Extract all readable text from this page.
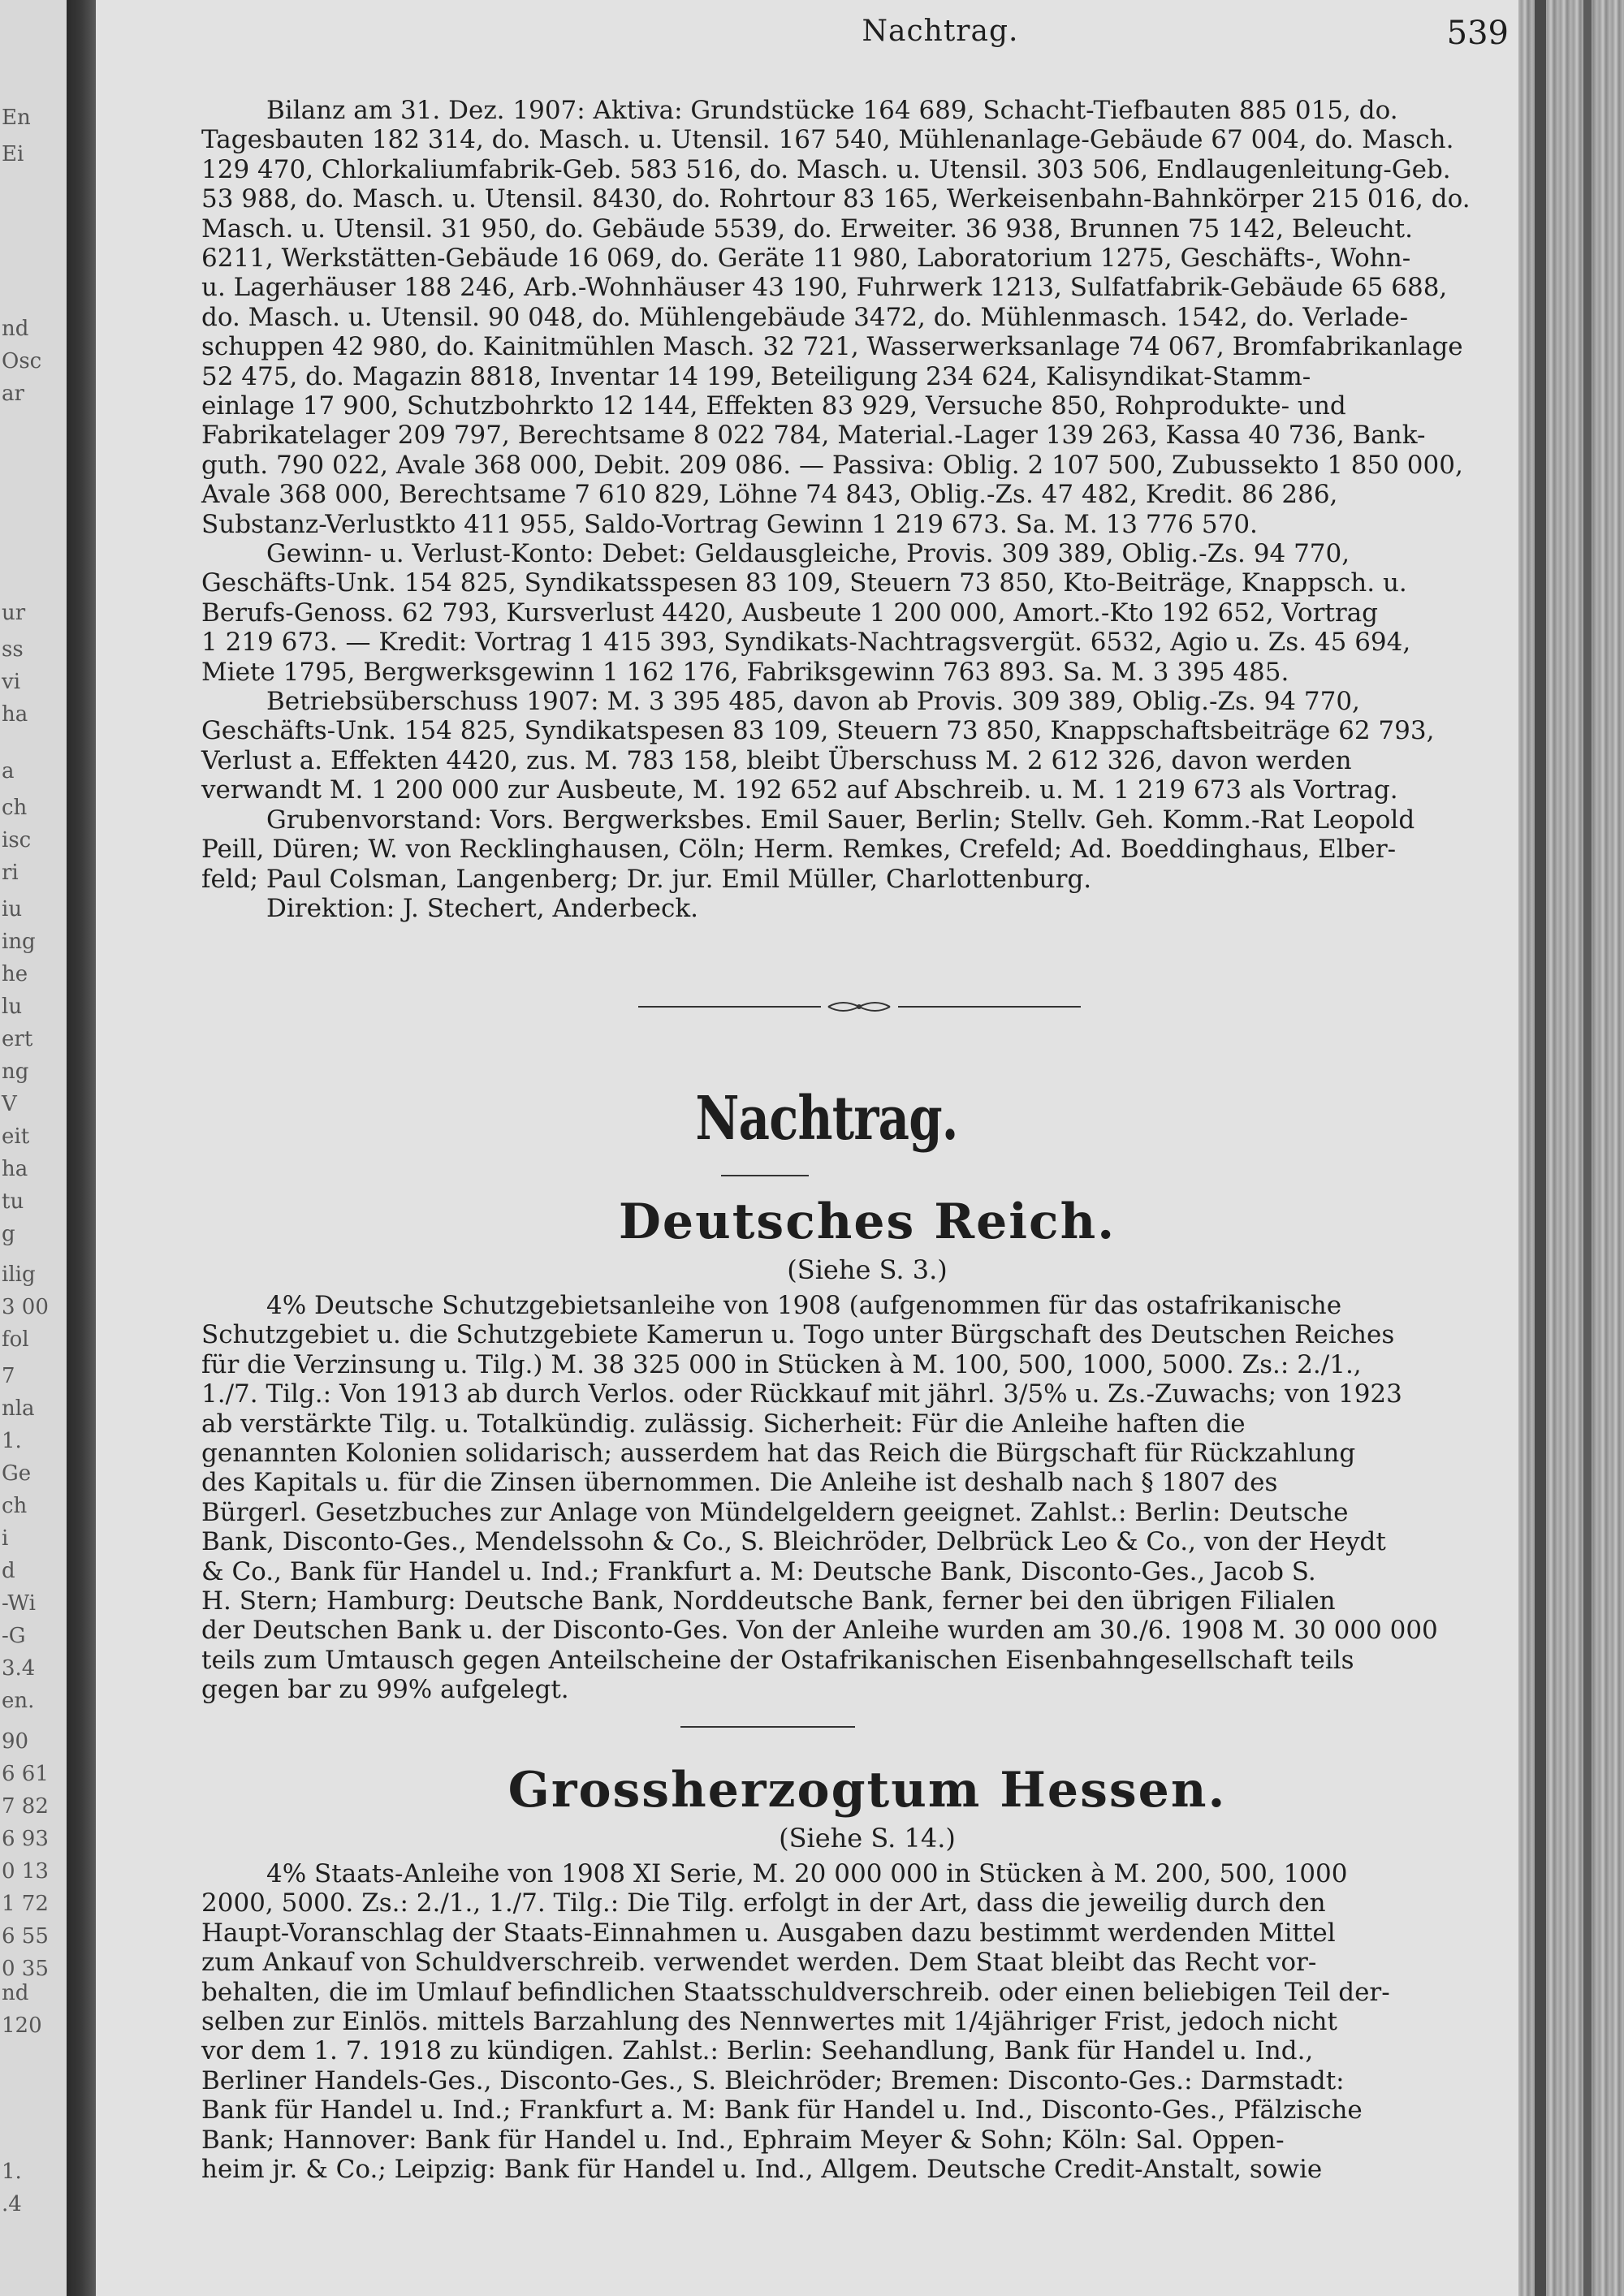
En
Ei
nd
Osc
ar
ur
ss
vi
ha
a
ch
isc
ri
iu
ing
he
lu
ert
ng
V
eit
ha
tu
g
ilig
3 00
fol
7
nla
1.
Ge
ch
i
d
-Wi
-G
3.4
en.
90
6 61
7 82
6 93
0 13
1 72
6 55
0 35
nd
120
1.
.4
Nachtrag.	539
Bilanz am 31. Dez. 1907: Aktiva: Grundstücke 164 689, Schacht-Tiefbauten 885 015, do.
Tagesbauten 182 314, do. Masch. u. Utensil. 167 540, Mühlenanlage-Gebäude 67 004, do. Masch.
129 470, Chlorkaliumfabrik-Geb. 583 516, do. Masch. u. Utensil. 303 506, Endlaugenleitung-Geb.
53 988, do. Masch. u. Utensil. 8430, do. Rohrtour 83 165, Werkeisenbahn-Bahnkörper 215 016, do.
Masch. u. Utensil. 31 950, do. Gebäude 5539, do. Erweiter. 36 938, Brunnen 75 142, Beleucht.
6211, Werkstätten-Gebäude 16 069, do. Geräte 11 980, Laboratorium 1275, Geschäfts-, Wohn-
u. Lagerhäuser 188 246, Arb.-Wohnhäuser 43 190, Fuhrwerk 1213, Sulfatfabrik-Gebäude 65 688,
do. Masch. u. Utensil. 90 048, do. Mühlengebäude 3472, do. Mühlenmasch. 1542, do. Verlade-
schuppen 42 980, do. Kainitmühlen Masch. 32 721, Wasserwerksanlage 74 067, Bromfabrikanlage
52 475, do. Magazin 8818, Inventar 14 199, Beteiligung 234 624, Kalisyndikat-Stamm-
einlage 17 900, Schutzbohrkto 12 144, Effekten 83 929, Versuche 850, Rohprodukte- und
Fabrikatelager 209 797, Berechtsame 8 022 784, Material.-Lager 139 263, Kassa 40 736, Bank-
guth. 790 022, Avale 368 000, Debit. 209 086. — Passiva: Oblig. 2 107 500, Zubussekto 1 850 000,
Avale 368 000, Berechtsame 7 610 829, Löhne 74 843, Oblig.-Zs. 47 482, Kredit. 86 286,
Substanz-Verlustkto 411 955, Saldo-Vortrag Gewinn 1 219 673. Sa. M. 13 776 570.
Gewinn- u. Verlust-Konto: Debet: Geldausgleiche, Provis. 309 389, Oblig.-Zs. 94 770,
Geschäfts-Unk. 154 825, Syndikatsspesen 83 109, Steuern 73 850, Kto-Beiträge, Knappsch. u.
Berufs-Genoss. 62 793, Kursverlust 4420, Ausbeute 1 200 000, Amort.-Kto 192 652, Vortrag
1 219 673. — Kredit: Vortrag 1 415 393, Syndikats-Nachtragsvergüt. 6532, Agio u. Zs. 45 694,
Miete 1795, Bergwerksgewinn 1 162 176, Fabriksgewinn 763 893. Sa. M. 3 395 485.
Betriebsüberschuss 1907: M. 3 395 485, davon ab Provis. 309 389, Oblig.-Zs. 94 770,
Geschäfts-Unk. 154 825, Syndikatspesen 83 109, Steuern 73 850, Knappschaftsbeiträge 62 793,
Verlust a. Effekten 4420, zus. M. 783 158, bleibt Überschuss M. 2 612 326, davon werden
verwandt M. 1 200 000 zur Ausbeute, M. 192 652 auf Abschreib. u. M. 1 219 673 als Vortrag.
Grubenvorstand: Vors. Bergwerksbes. Emil Sauer, Berlin; Stellv. Geh. Komm.-Rat Leopold
Peill, Düren; W. von Recklinghausen, Cöln; Herm. Remkes, Crefeld; Ad. Boeddinghaus, Elber-
feld; Paul Colsman, Langenberg; Dr. jur. Emil Müller, Charlottenburg.
Direktion: J. Stechert, Anderbeck.
Nachtrag.
Deutsches Reich.
(Siehe S. 3.)
4% Deutsche Schutzgebietsanleihe von 1908 (aufgenommen für das ostafrikanische
Schutzgebiet u. die Schutzgebiete Kamerun u. Togo unter Bürgschaft des Deutschen Reiches
für die Verzinsung u. Tilg.) M. 38 325 000 in Stücken à M. 100, 500, 1000, 5000. Zs.: 2./1.,
1./7. Tilg.: Von 1913 ab durch Verlos. oder Rückkauf mit jährl. 3/5% u. Zs.-Zuwachs; von 1923
ab verstärkte Tilg. u. Totalkündig. zulässig. Sicherheit: Für die Anleihe haften die
genannten Kolonien solidarisch; ausserdem hat das Reich die Bürgschaft für Rückzahlung
des Kapitals u. für die Zinsen übernommen. Die Anleihe ist deshalb nach § 1807 des
Bürgerl. Gesetzbuches zur Anlage von Mündelgeldern geeignet. Zahlst.: Berlin: Deutsche
Bank, Disconto-Ges., Mendelssohn & Co., S. Bleichröder, Delbrück Leo & Co., von der Heydt
& Co., Bank für Handel u. Ind.; Frankfurt a. M: Deutsche Bank, Disconto-Ges., Jacob S.
H. Stern; Hamburg: Deutsche Bank, Norddeutsche Bank, ferner bei den übrigen Filialen
der Deutschen Bank u. der Disconto-Ges. Von der Anleihe wurden am 30./6. 1908 M. 30 000 000
teils zum Umtausch gegen Anteilscheine der Ostafrikanischen Eisenbahngesellschaft teils
gegen bar zu 99% aufgelegt.
Grossherzogtum Hessen.
(Siehe S. 14.)
4% Staats-Anleihe von 1908 XI Serie, M. 20 000 000 in Stücken à M. 200, 500, 1000
2000, 5000. Zs.: 2./1., 1./7. Tilg.: Die Tilg. erfolgt in der Art, dass die jeweilig durch den
Haupt-Voranschlag der Staats-Einnahmen u. Ausgaben dazu bestimmt werdenden Mittel
zum Ankauf von Schuldverschreib. verwendet werden. Dem Staat bleibt das Recht vor-
behalten, die im Umlauf befindlichen Staatsschuldverschreib. oder einen beliebigen Teil der-
selben zur Einlös. mittels Barzahlung des Nennwertes mit 1/4jähriger Frist, jedoch nicht
vor dem 1. 7. 1918 zu kündigen. Zahlst.: Berlin: Seehandlung, Bank für Handel u. Ind.,
Berliner Handels-Ges., Disconto-Ges., S. Bleichröder; Bremen: Disconto-Ges.: Darmstadt:
Bank für Handel u. Ind.; Frankfurt a. M: Bank für Handel u. Ind., Disconto-Ges., Pfälzische
Bank; Hannover: Bank für Handel u. Ind., Ephraim Meyer & Sohn; Köln: Sal. Oppen-
heim jr. & Co.; Leipzig: Bank für Handel u. Ind., Allgem. Deutsche Credit-Anstalt, sowie
